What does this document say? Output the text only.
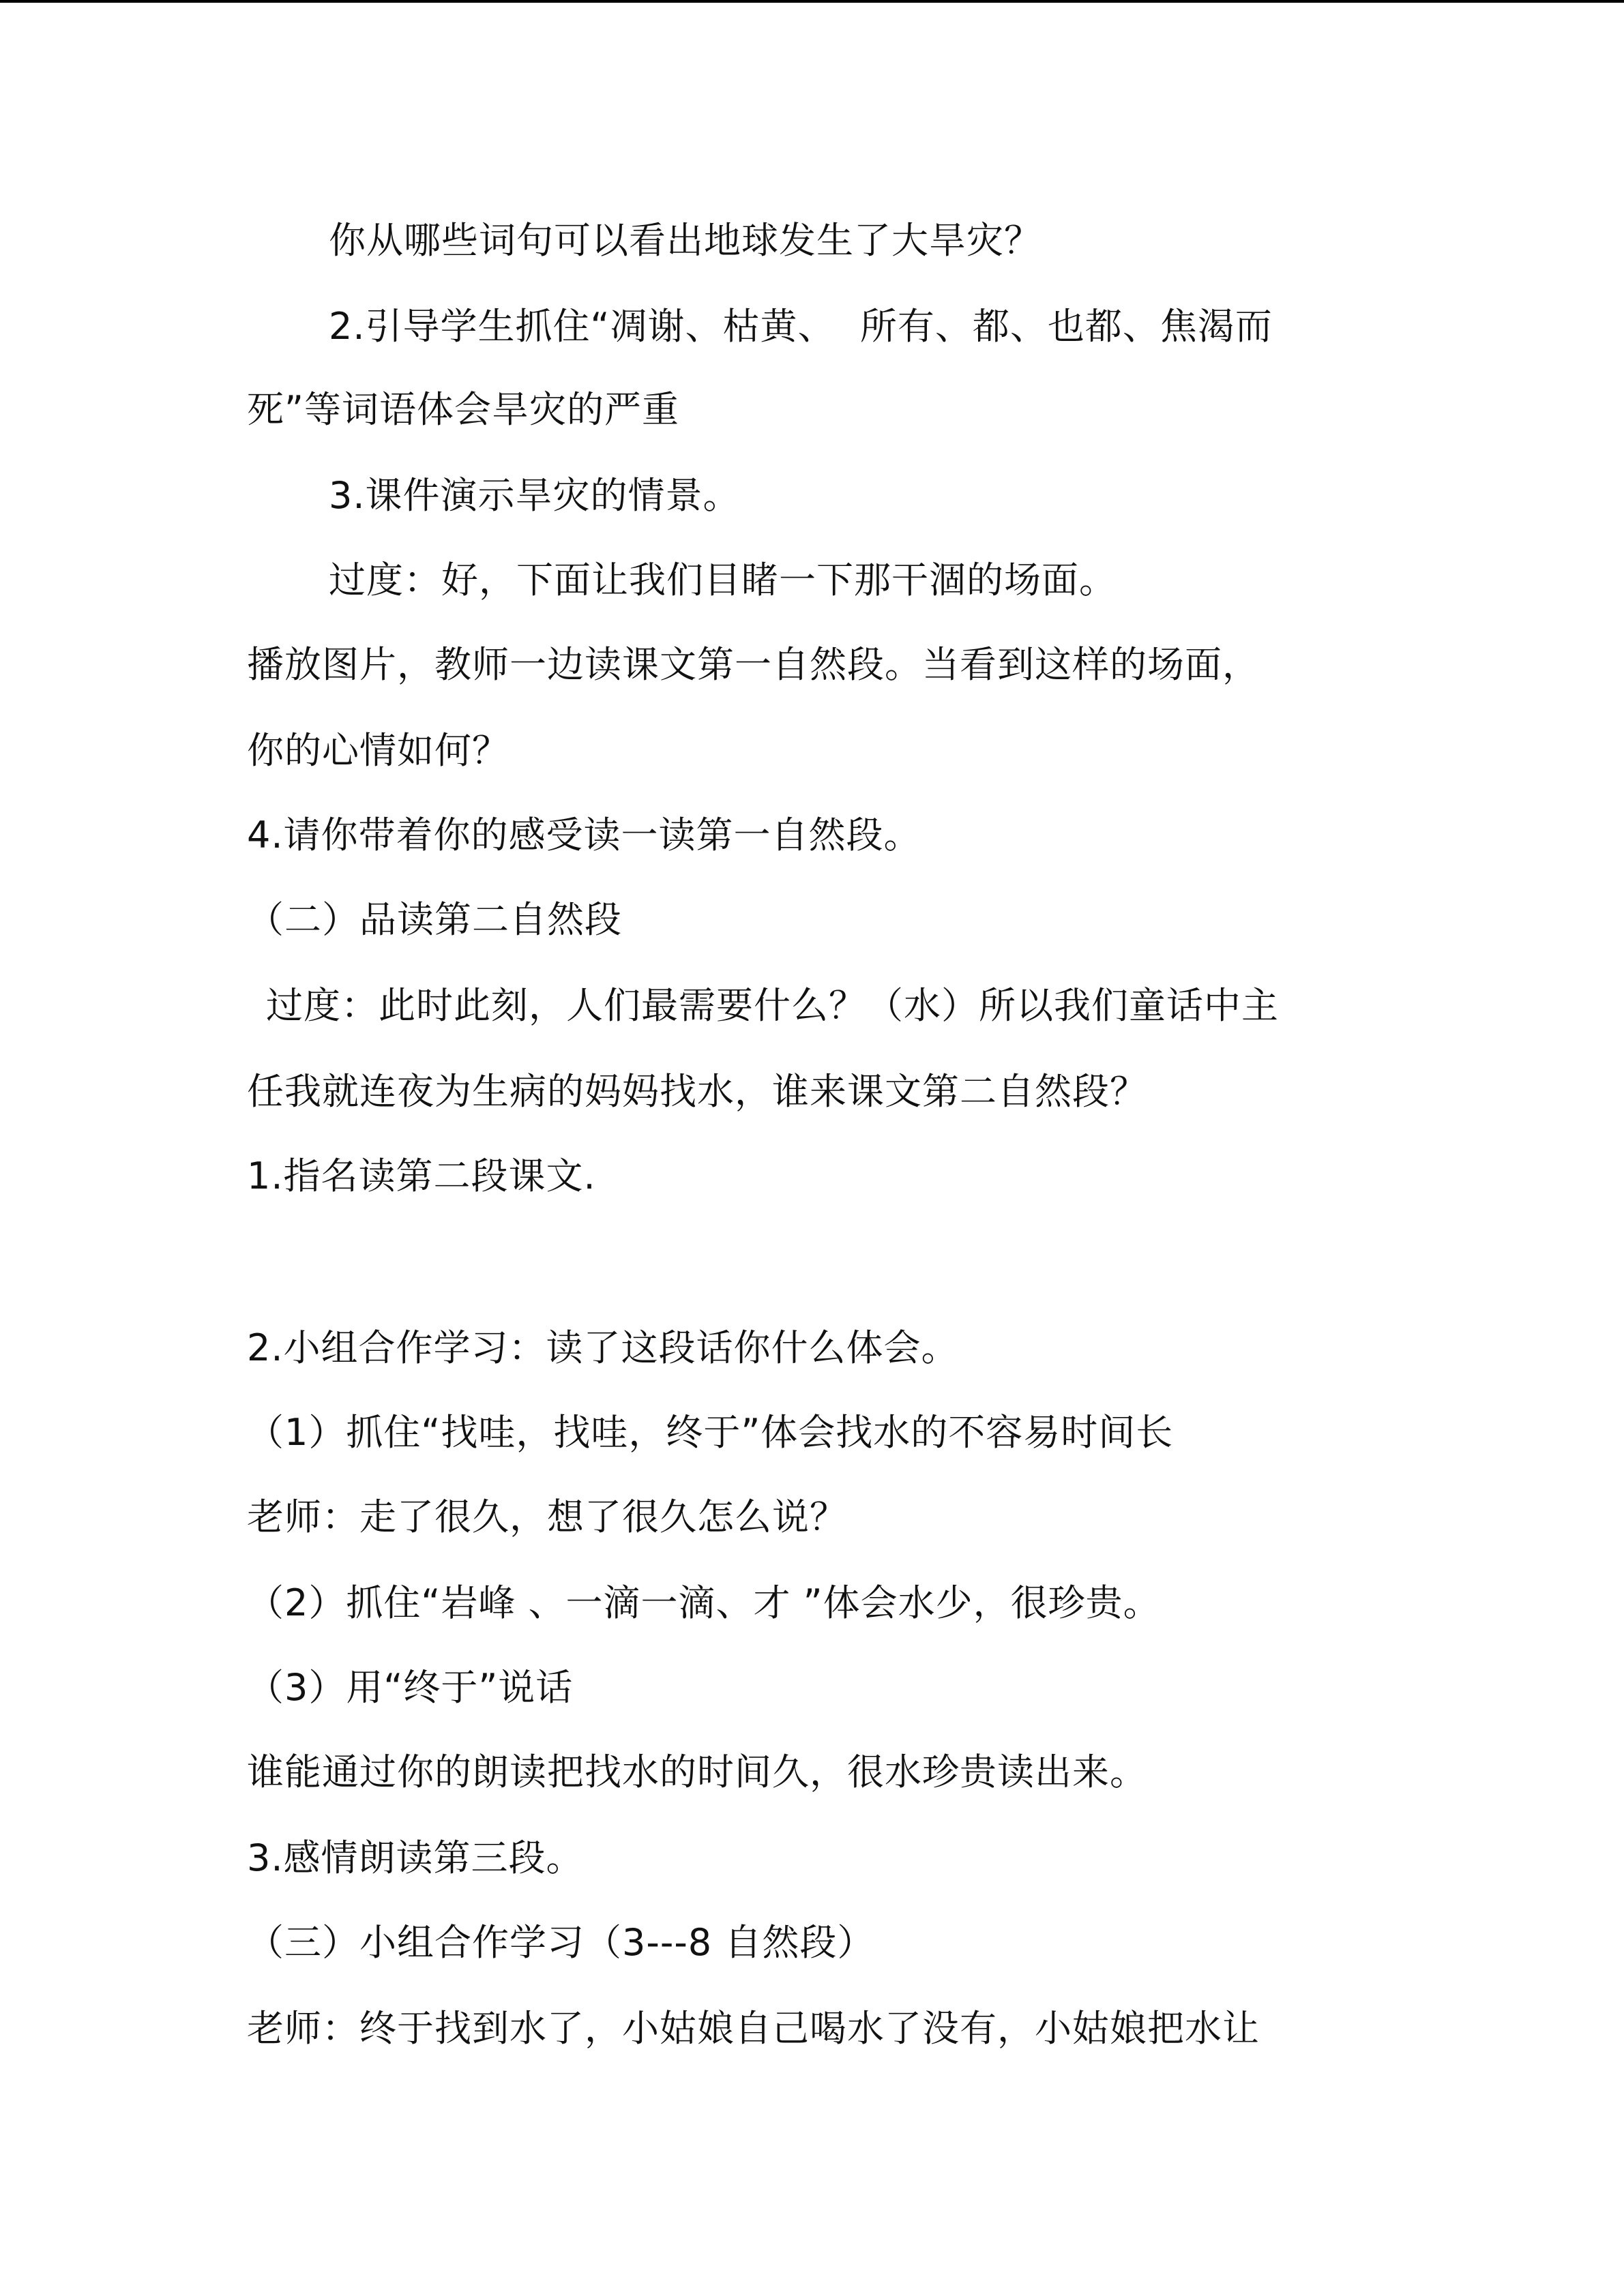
你从哪些词句可以看出地球发生了大旱灾？
2.引导学生抓住“凋谢、枯黄、  所有、都、也都、焦渴而
死”等词语体会旱灾的严重
3.课件演示旱灾的情景。
过度：好，下面让我们目睹一下那干涸的场面。
播放图片，教师一边读课文第一自然段。当看到这样的场面，
你的心情如何？
4.请你带着你的感受读一读第一自然段。
（二）品读第二自然段
过度：此时此刻，人们最需要什么？（水）所以我们童话中主
任我就连夜为生病的妈妈找水，谁来课文第二自然段？
1.指名读第二段课文.
2.小组合作学习：读了这段话你什么体会。
（1）抓住“找哇，找哇，终于”体会找水的不容易时间长
老师：走了很久，想了很久怎么说？
（2）抓住“岩峰 、一滴一滴、才 ”体会水少，很珍贵。
（3）用“终于”说话
谁能通过你的朗读把找水的时间久，很水珍贵读出来。
3.感情朗读第三段。
（三）小组合作学习（3---8 自然段）
老师：终于找到水了，小姑娘自己喝水了没有，小姑娘把水让
